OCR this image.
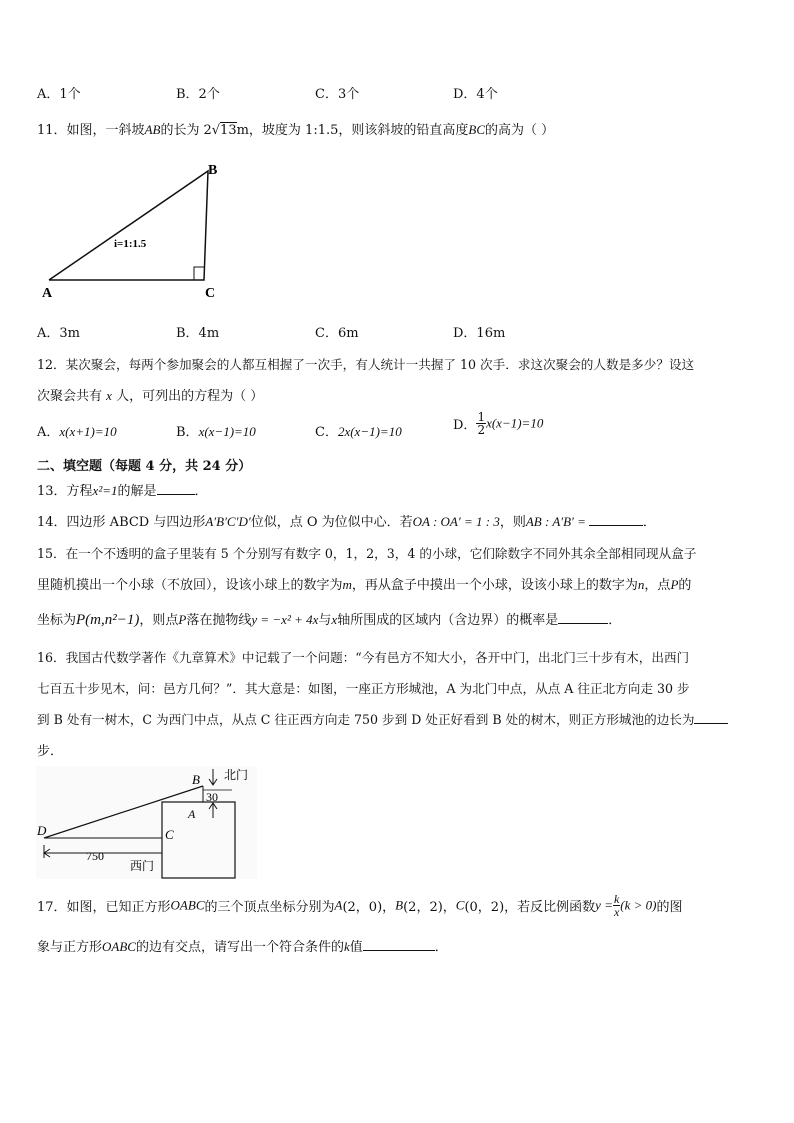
A．1个	B．2个	C．3个	D．4个
11．如图，一斜坡AB的长为 2√13m，坡度为 1:1.5，则该斜坡的铅直高度BC的高为（ ）
B
A	C
i=1:1.5
A．3m	B．4m	C．6m	D．16m
12．某次聚会，每两个参加聚会的人都互相握了一次手，有人统计一共握了 10 次手．求这次聚会的人数是多少？设这
次聚会共有 x 人，可列出的方程为（ ）
A．x(x+1)=10	B．x(x−1)=10	C．2x(x−1)=10	D． $\frac{1}{2} x(x-1)=10$
二、填空题（每题 4 分，共 24 分）
13．方程x²=1的解是	．
14．四边形 ABCD 与四边形A′B′C′D′位似，点 O 为位似中心．若OA : OA′ = 1 : 3，则AB : A′B′ =	．
15．在一个不透明的盒子里装有 5 个分别写有数字 0，1，2，3，4 的小球，它们除数字不同外其余全部相同现从盒子
里随机摸出一个小球（不放回），设该小球上的数字为m，再从盒子中摸出一个小球，设该小球上的数字为n，点P的
坐标为P(m,n²−1)，则点P落在抛物线y = −x² + 4x与x轴所围成的区域内（含边界）的概率是	．
16．我国古代数学著作《九章算术》中记载了一个问题：“今有邑方不知大小，各开中门，出北门三十步有木，出西门
七百五十步见木，问：邑方几何？”．其大意是：如图，一座正方形城池，A 为北门中点，从点 A 往正北方向走 30 步
到 B 处有一树木，C 为西门中点，从点 C 往正西方向走 750 步到 D 处正好看到 B 处的树木，则正方形城池的边长为
步．
B 北门
30
A
C
D
750
西门
17．如图，已知正方形OABC的三个顶点坐标分别为A(2，0)，B(2，2)，C(0，2)，若反比例函数$y = \frac{k}{x} (k > 0)$的图
象与正方形OABC的边有交点，请写出一个符合条件的k值	．
